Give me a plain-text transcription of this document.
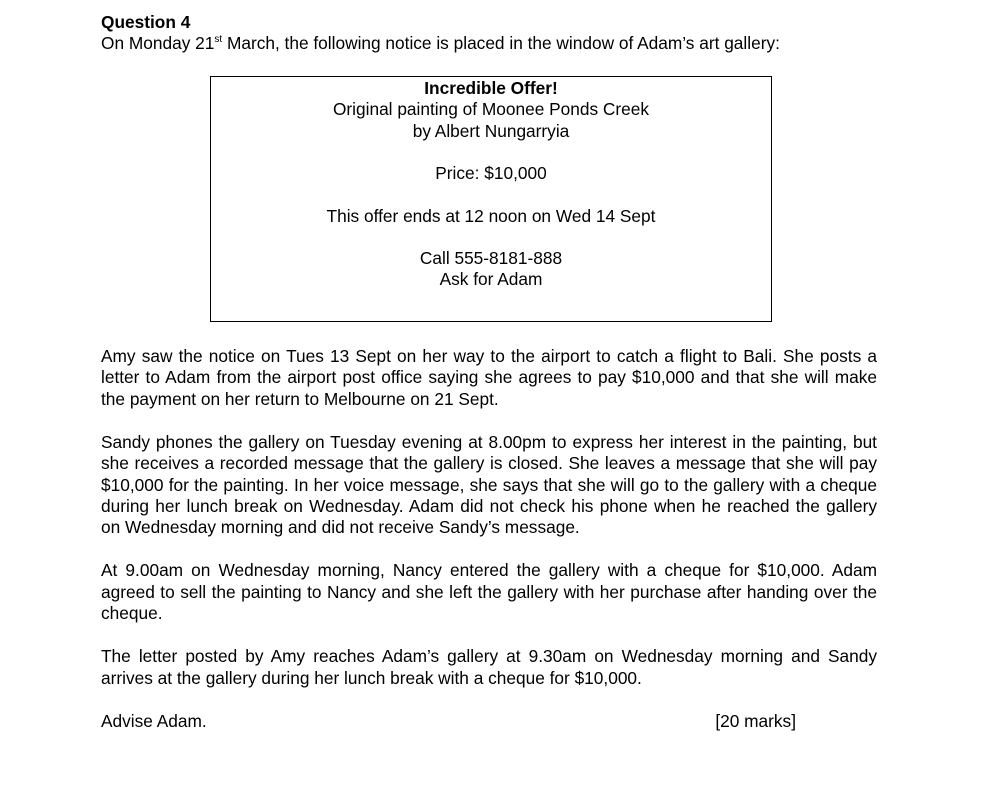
Question 4

On Monday 21st March, the following notice is placed in the window of Adam’s art gallery:

Incredible Offer!

Original painting of Moonee Ponds Creek

by Albert Nungarryia

Price: $10,000

This offer ends at 12 noon on Wed 14 Sept

Call 555-8181-888

Ask for Adam

Amy saw the notice on Tues 13 Sept on her way to the airport to catch a flight to Bali. She posts a letter to Adam from the airport post office saying she agrees to pay $10,000 and that she will make the payment on her return to Melbourne on 21 Sept.

Sandy phones the gallery on Tuesday evening at 8.00pm to express her interest in the painting, but she receives a recorded message that the gallery is closed. She leaves a message that she will pay $10,000 for the painting. In her voice message, she says that she will go to the gallery with a cheque during her lunch break on Wednesday. Adam did not check his phone when he reached the gallery on Wednesday morning and did not receive Sandy’s message.

At 9.00am on Wednesday morning, Nancy entered the gallery with a cheque for $10,000. Adam agreed to sell the painting to Nancy and she left the gallery with her purchase after handing over the cheque.

The letter posted by Amy reaches Adam’s gallery at 9.30am on Wednesday morning and Sandy arrives at the gallery during her lunch break with a cheque for $10,000.

Advise Adam.	[20 marks]
